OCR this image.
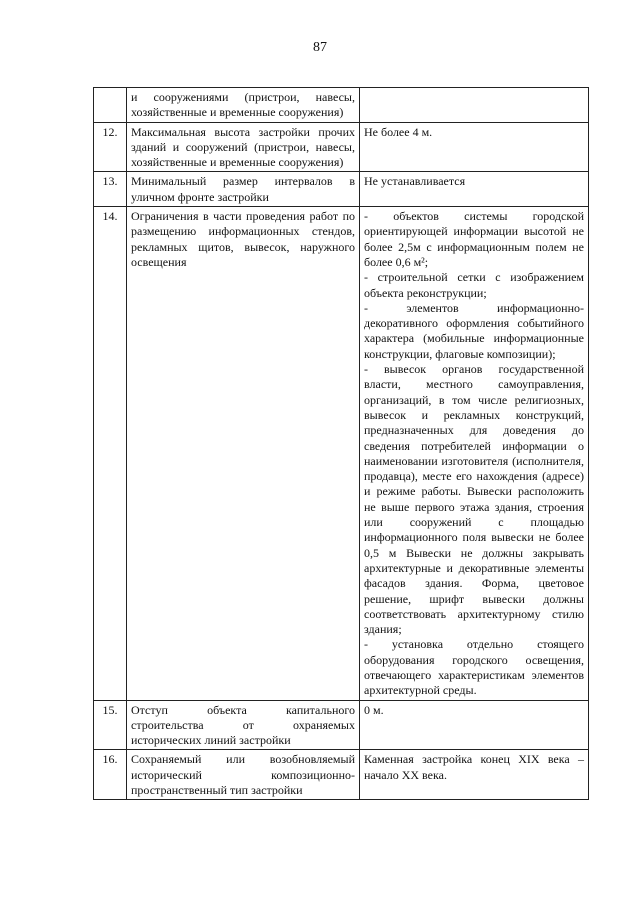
87
	и сооружениями (пристрои, навесы, хозяйственные и временные сооружения)	
12.	Максимальная высота застройки прочих зданий и сооружений (пристрои, навесы, хозяйственные и временные сооружения)	Не более 4 м.
13.	Минимальный размер интервалов в уличном фронте застройки	Не устанавливается
14.	Ограничения в части проведения работ по размещению информационных стендов, рекламных щитов, вывесок, наружного освещения	- объектов системы городской ориентирующей информации высотой не более 2,5м с информационным полем не более 0,6 м²;
- строительной сетки с изображением объекта реконструкции;
- элементов информационно-декоративного оформления событийного характера (мобильные информационные конструкции, флаговые композиции);
- вывесок органов государственной власти, местного самоуправления, организаций, в том числе религиозных, вывесок и рекламных конструкций, предназначенных для доведения до сведения потребителей информации о наименовании изготовителя (исполнителя, продавца), месте его нахождения (адресе) и режиме работы. Вывески расположить не выше первого этажа здания, строения или сооружений с площадью информационного поля вывески не более 0,5 м Вывески не должны закрывать архитектурные и декоративные элементы фасадов здания. Форма, цветовое решение, шрифт вывески должны соответствовать архитектурному стилю здания;
- установка отдельно стоящего оборудования городского освещения, отвечающего характеристикам элементов архитектурной среды.

15.	Отступ объекта капитального строительства от охраняемых исторических линий застройки	0 м.
16.	Сохраняемый или возобновляемый исторический композиционно-пространственный тип застройки	Каменная застройка конец XIX века – начало XX века.
